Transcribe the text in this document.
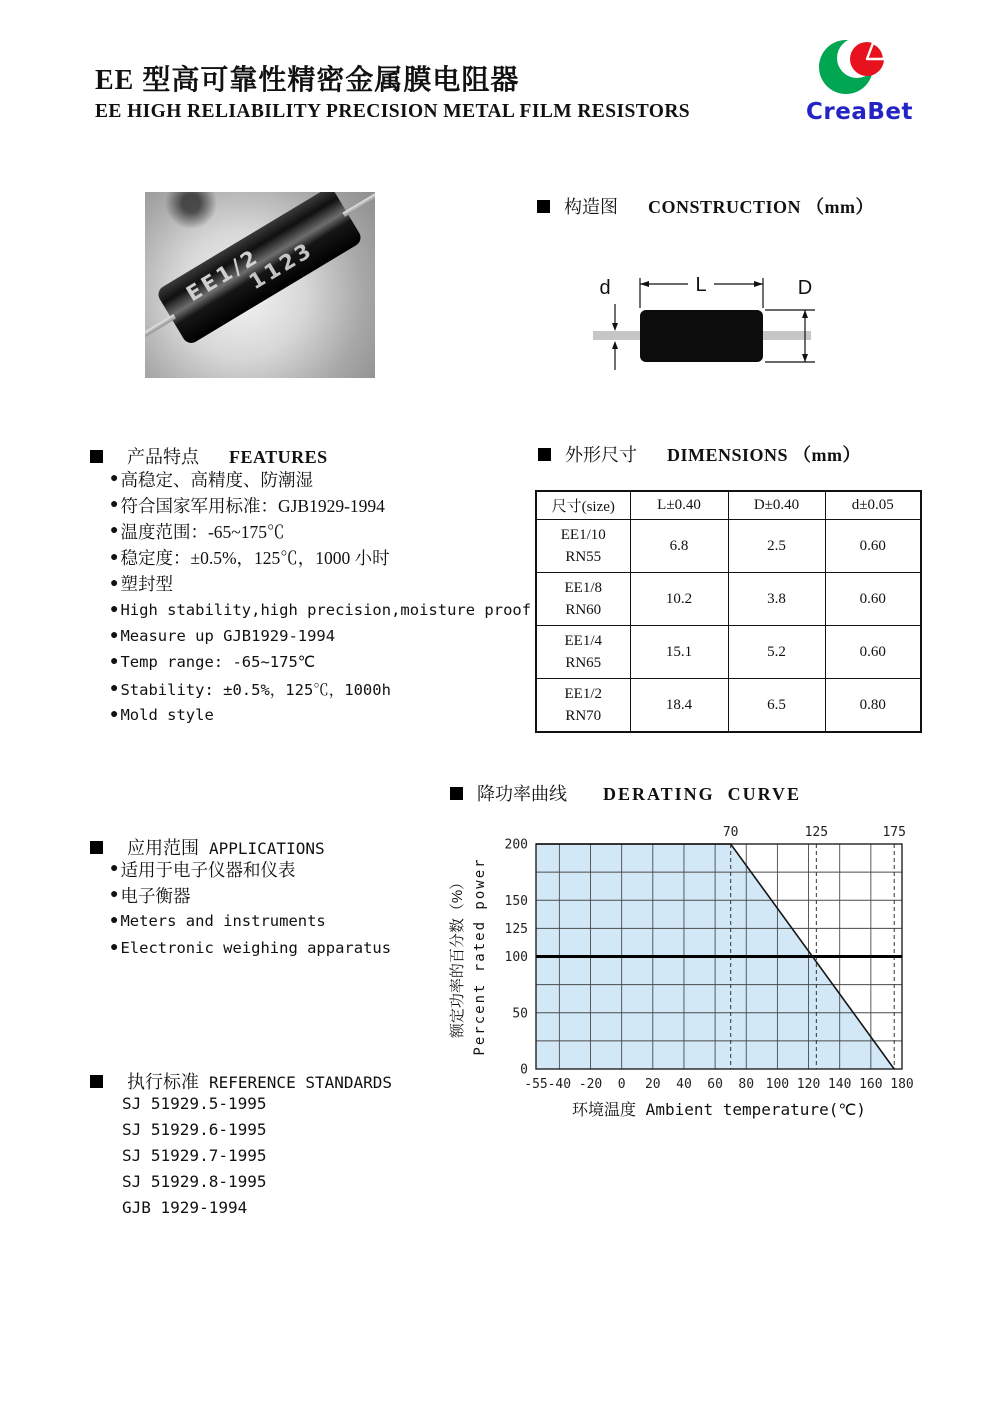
EE 型高可靠性精密金属膜电阻器
EE HIGH RELIABILITY PRECISION METAL FILM RESISTORS	CreaBet
EE1/2
1123
构造图 CONSTRUCTION （mm）
L
d	D
产品特点 FEATURES
● 高稳定、高精度、防潮湿
● 符合国家军用标准：GJB1929-1994
● 温度范围：-65~175℃
● 稳定度：±0.5%，125℃，1000 小时
● 塑封型
● High stability,high precision,moisture proof
● Measure up GJB1929-1994
● Temp range: -65~175℃
● Stability: ±0.5%，125℃，1000h
● Mold style
外形尺寸 DIMENSIONS （mm）
尺寸(size)	L±0.40	D±0.40	d±0.05

EE1/10
RN55	6.8	2.5	0.60

EE1/8
RN60	10.2	3.8	0.60

EE1/4
RN65	15.1	5.2	0.60

EE1/2
RN70	18.4	6.5	0.80
降功率曲线 DERATING  CURVE
200
150
125
100
50
0
-55 -40 -20 0 20 40 60 80 100 120 140 160 180
70	125	175
环境温度 Ambient temperature(℃)
额定功率的百分数（%） Percent rated power
应用范围 APPLICATIONS
● 适用于电子仪器和仪表
● 电子衡器
● Meters and instruments
● Electronic weighing apparatus
执行标准 REFERENCE STANDARDS
SJ 51929.5-1995
SJ 51929.6-1995
SJ 51929.7-1995
SJ 51929.8-1995
GJB 1929-1994
